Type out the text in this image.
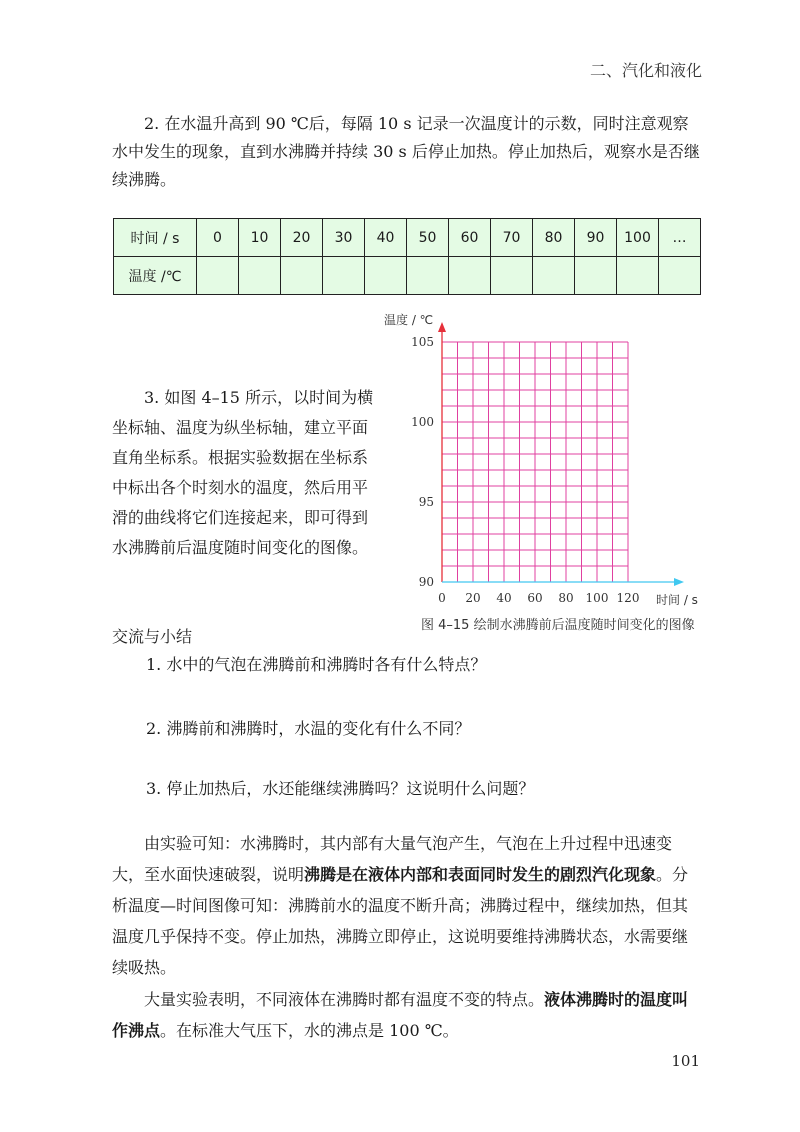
二、汽化和液化
2. 在水温升高到 90 ℃后，每隔 10 s 记录一次温度计的示数，同时注意观察水中发生的现象，直到水沸腾并持续 30 s 后停止加热。停止加热后，观察水是否继续沸腾。
时间 / s	0	10	20	30	40	50	60	70	80	90	100	…
温度 /℃												
3. 如图 4–15 所示，以时间为横坐标轴、温度为纵坐标轴，建立平面直角坐标系。根据实验数据在坐标系中标出各个时刻水的温度，然后用平滑的曲线将它们连接起来，即可得到水沸腾前后温度随时间变化的图像。
0 20 40 60 80 100 120
90
95
100
105
温度 / ℃
时间 / s
图 4–15 绘制水沸腾前后温度随时间变化的图像
交流与小结
1. 水中的气泡在沸腾前和沸腾时各有什么特点？
2. 沸腾前和沸腾时，水温的变化有什么不同？
3. 停止加热后，水还能继续沸腾吗？这说明什么问题？
由实验可知：水沸腾时，其内部有大量气泡产生，气泡在上升过程中迅速变大，至水面快速破裂，说明沸腾是在液体内部和表面同时发生的剧烈汽化现象。分析温度—时间图像可知：沸腾前水的温度不断升高；沸腾过程中，继续加热，但其温度几乎保持不变。停止加热，沸腾立即停止，这说明要维持沸腾状态，水需要继续吸热。
大量实验表明，不同液体在沸腾时都有温度不变的特点。液体沸腾时的温度叫作沸点。在标准大气压下，水的沸点是 100 ℃。
101
